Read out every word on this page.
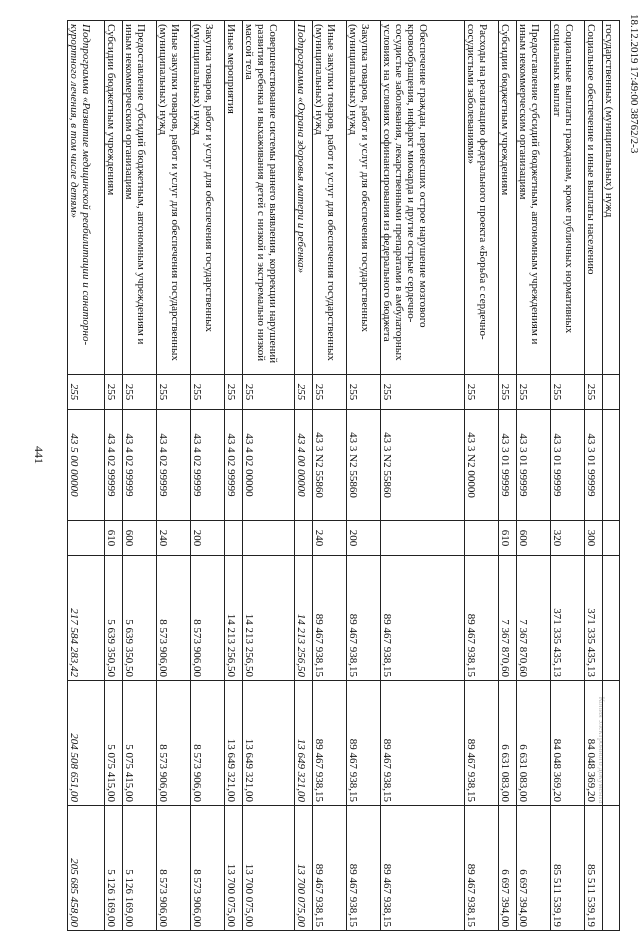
441
18.12.2019 17:49:00 38762/2-3
Копия электронного документа
государственных (муниципальных) нужд						
Социальное обеспечение и иные выплаты населению	255	43 3 01 99999	300	371 335 435,13	84 048 369,20	85 511 539,19
Социальные выплаты гражданам, кроме публичных нормативных социальных выплат	255	43 3 01 99999	320	371 335 435,13	84 048 369,20	85 511 539,19
Предоставление субсидий бюджетным, автономным учреждениям и иным некоммерческим организациям	255	43 3 01 99999	600	7 367 870,60	6 631 083,00	6 697 394,00
Субсидии бюджетным учреждениям	255	43 3 01 99999	610	7 367 870,60	6 631 083,00	6 697 394,00
Расходы на реализацию федерального проекта «Борьба с сердечно-сосудистыми заболеваниями»	255	43 3 N2 00000		89 467 938,15	89 467 938,15	89 467 938,15
Обеспечение граждан, перенесших острое нарушение мозгового кровообращения, инфаркт миокарда и другие острые сердечно-сосудистые заболевания, лекарственными препаратами в амбулаторных условиях на условиях софинансирования из федерального бюджета	255	43 3 N2 55860		89 467 938,15	89 467 938,15	89 467 938,15
Закупка товаров, работ и услуг для обеспечения государственных (муниципальных) нужд	255	43 3 N2 55860	200	89 467 938,15	89 467 938,15	89 467 938,15
Иные закупки товаров, работ и услуг для обеспечения государственных (муниципальных) нужд	255	43 3 N2 55860	240	89 467 938,15	89 467 938,15	89 467 938,15
Подпрограмма «Охрана здоровья матери и ребенка»	255	43 4 00 00000		14 213 256,50	13 649 321,00	13 700 075,00
Совершенствование системы раннего выявления, коррекции нарушений развития ребенка и выхаживания детей с низкой и экстремально низкой массой тела	255	43 4 02 00000		14 213 256,50	13 649 321,00	13 700 075,00
Иные мероприятия	255	43 4 02 99999		14 213 256,50	13 649 321,00	13 700 075,00
Закупка товаров, работ и услуг для обеспечения государственных (муниципальных) нужд	255	43 4 02 99999	200	8 573 906,00	8 573 906,00	8 573 906,00
Иные закупки товаров, работ и услуг для обеспечения государственных (муниципальных) нужд	255	43 4 02 99999	240	8 573 906,00	8 573 906,00	8 573 906,00
Предоставление субсидий бюджетным, автономным учреждениям и иным некоммерческим организациям	255	43 4 02 99999	600	5 639 350,50	5 075 415,00	5 126 169,00
Субсидии бюджетным учреждениям	255	43 4 02 99999	610	5 639 350,50	5 075 415,00	5 126 169,00
Подпрограмма «Развитие медицинской реабилитации и санаторно-курортного лечения, в том числе детям»	255	43 5 00 00000		217 584 283,42	204 508 651,00	205 685 458,00
